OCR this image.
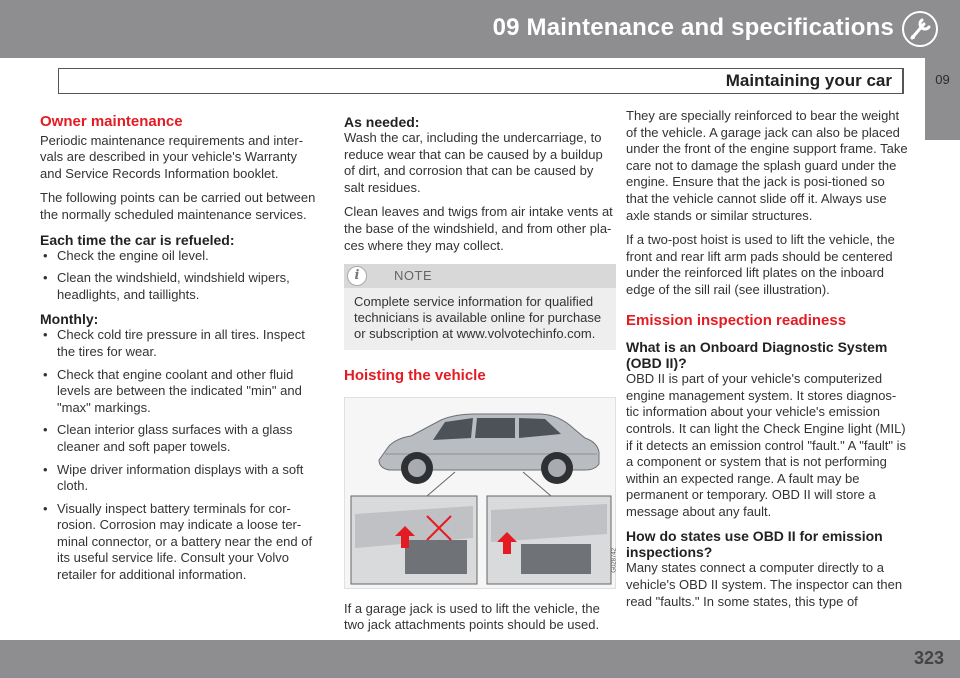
09 Maintenance and specifications
09
Maintaining your car
Owner maintenance

Periodic maintenance requirements and inter-vals are described in your vehicle's Warranty and Service Records Information booklet.

The following points can be carried out between the normally scheduled maintenance services.

Each time the car is refueled:
• Check the engine oil level.
• Clean the windshield, windshield wipers, headlights, and taillights.
Monthly:
• Check cold tire pressure in all tires. Inspect the tires for wear.
• Check that engine coolant and other fluid levels are between the indicated "min" and "max" markings.
• Clean interior glass surfaces with a glass cleaner and soft paper towels.
• Wipe driver information displays with a soft cloth.
• Visually inspect battery terminals for cor-rosion. Corrosion may indicate a loose ter-minal connector, or a battery near the end of its useful service life. Consult your Volvo retailer for additional information.
As needed:

Wash the car, including the undercarriage, to reduce wear that can be caused by a buildup of dirt, and corrosion that can be caused by salt residues.

Clean leaves and twigs from air intake vents at the base of the windshield, and from other pla-ces where they may collect.

i	NOTE
Complete service information for qualified technicians is available online for purchase or subscription at www.volvotechinfo.com.
Hoisting the vehicle
G028742

If a garage jack is used to lift the vehicle, the two jack attachments points should be used.

They are specially reinforced to bear the weight of the vehicle. A garage jack can also be placed under the front of the engine support frame. Take care not to damage the splash guard under the engine. Ensure that the jack is posi-tioned so that the vehicle cannot slide off it. Always use axle stands or similar structures.

If a two-post hoist is used to lift the vehicle, the front and rear lift arm pads should be centered under the reinforced lift plates on the inboard edge of the sill rail (see illustration).

Emission inspection readiness
What is an Onboard Diagnostic System (OBD II)?

OBD II is part of your vehicle's computerized engine management system. It stores diagnos-tic information about your vehicle's emission controls. It can light the Check Engine light (MIL) if it detects an emission control "fault." A "fault" is a component or system that is not performing within an expected range. A fault may be permanent or temporary. OBD II will store a message about any fault.

How do states use OBD II for emission inspections?

Many states connect a computer directly to a vehicle's OBD II system. The inspector can then read "faults." In some states, this type of

323
